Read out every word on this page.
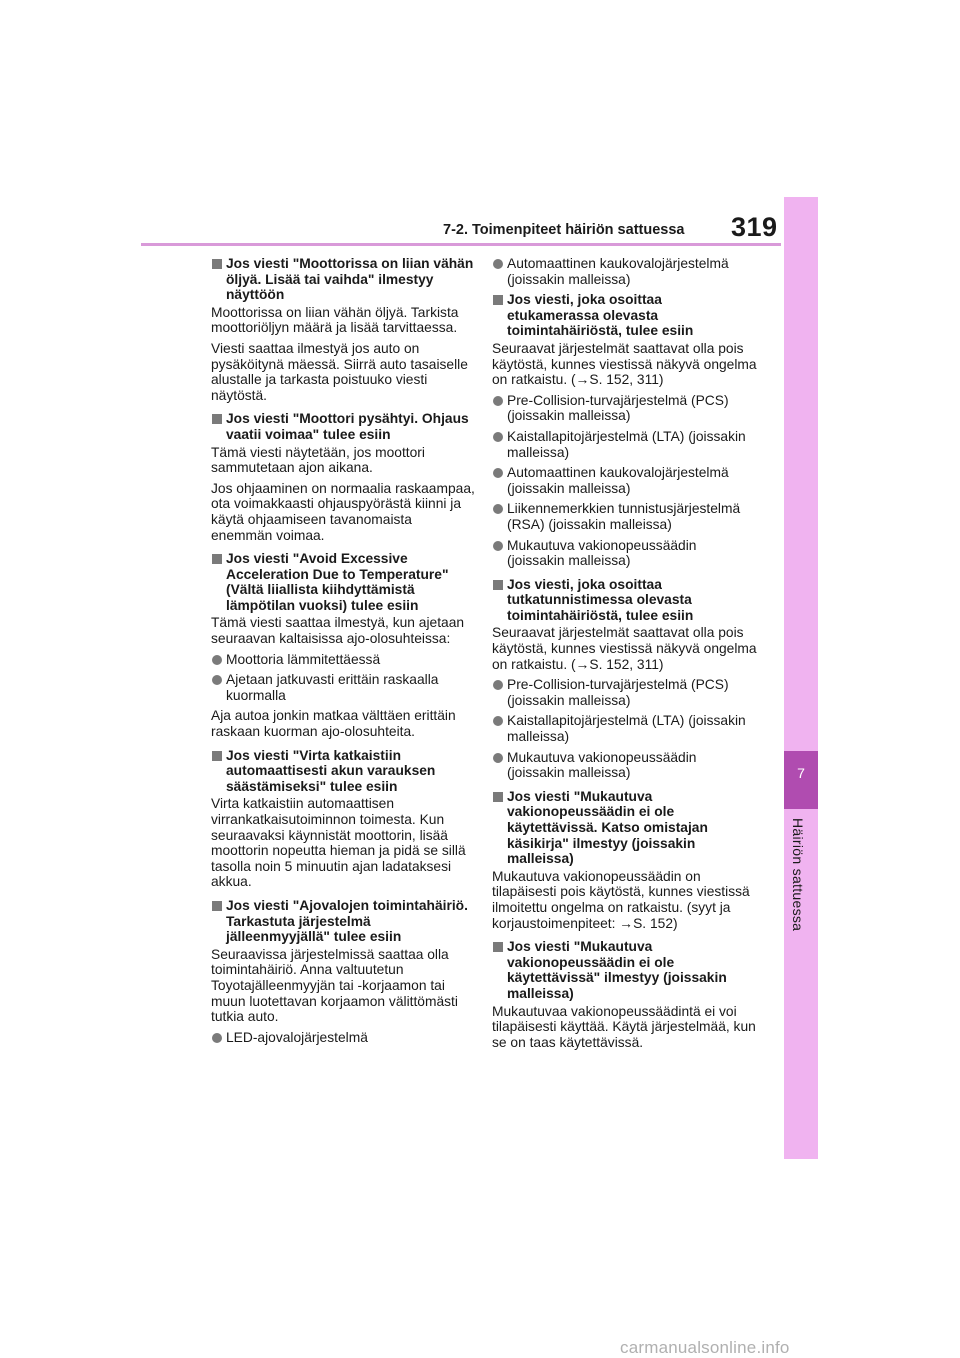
7-2. Toimenpiteet häiriön sattuessa 319
7
Häiriön sattuessa
Jos viesti "Moottorissa on liian vähän öljyä. Lisää tai vaihda" ilmestyy näyttöön
Moottorissa on liian vähän öljyä. Tarkista moottoriöljyn määrä ja lisää tarvittaessa.
Viesti saattaa ilmestyä jos auto on pysäköitynä mäessä. Siirrä auto tasaiselle alustalle ja tarkasta poistuuko viesti näytöstä.
Jos viesti "Moottori pysähtyi. Ohjaus vaatii voimaa" tulee esiin
Tämä viesti näytetään, jos moottori sammutetaan ajon aikana.
Jos ohjaaminen on normaalia raskaampaa, ota voimakkaasti ohjauspyörästä kiinni ja käytä ohjaamiseen tavanomaista enemmän voimaa.
Jos viesti "Avoid Excessive Acceleration Due to Temperature" (Vältä liiallista kiihdyttämistä lämpötilan vuoksi) tulee esiin
Tämä viesti saattaa ilmestyä, kun ajetaan seuraavan kaltaisissa ajo-olosuhteissa:
Moottoria lämmitettäessä
Ajetaan jatkuvasti erittäin raskaalla kuormalla
Aja autoa jonkin matkaa välttäen erittäin raskaan kuorman ajo-olosuhteita.
Jos viesti "Virta katkaistiin automaattisesti akun varauksen säästämiseksi" tulee esiin
Virta katkaistiin automaattisen virrankatkaisutoiminnon toimesta. Kun seuraavaksi käynnistät moottorin, lisää moottorin nopeutta hieman ja pidä se sillä tasolla noin 5 minuutin ajan ladataksesi akkua.
Jos viesti "Ajovalojen toimintahäiriö. Tarkastuta järjestelmä jälleenmyyjällä" tulee esiin
Seuraavissa järjestelmissä saattaa olla toimintahäiriö. Anna valtuutetun Toyotajälleenmyyjän tai -korjaamon tai muun luotettavan korjaamon välittömästi tutkia auto.
LED-ajovalojärjestelmä
Automaattinen kaukovalojärjestelmä (joissakin malleissa)
Jos viesti, joka osoittaa etukamerassa olevasta toimintahäiriöstä, tulee esiin
Seuraavat järjestelmät saattavat olla pois käytöstä, kunnes viestissä näkyvä ongelma on ratkaistu. (→S. 152, 311)
Pre-Collision-turvajärjestelmä (PCS) (joissakin malleissa)
Kaistallapitojärjestelmä (LTA) (joissakin malleissa)
Automaattinen kaukovalojärjestelmä (joissakin malleissa)
Liikennemerkkien tunnistusjärjestelmä (RSA) (joissakin malleissa)
Mukautuva vakionopeussäädin (joissakin malleissa)
Jos viesti, joka osoittaa tutkatunnistimessa olevasta toimintahäiriöstä, tulee esiin
Seuraavat järjestelmät saattavat olla pois käytöstä, kunnes viestissä näkyvä ongelma on ratkaistu. (→S. 152, 311)
Pre-Collision-turvajärjestelmä (PCS) (joissakin malleissa)
Kaistallapitojärjestelmä (LTA) (joissakin malleissa)
Mukautuva vakionopeussäädin (joissakin malleissa)
Jos viesti "Mukautuva vakionopeussäädin ei ole käytettävissä. Katso omistajan käsikirja" ilmestyy (joissakin malleissa)
Mukautuva vakionopeussäädin on tilapäisesti pois käytöstä, kunnes viestissä ilmoitettu ongelma on ratkaistu. (syyt ja korjaustoimenpiteet: →S. 152)
Jos viesti "Mukautuva vakionopeussäädin ei ole käytettävissä" ilmestyy (joissakin malleissa)
Mukautuvaa vakionopeussäädintä ei voi tilapäisesti käyttää. Käytä järjestelmää, kun se on taas käytettävissä.
carmanualsonline.info
